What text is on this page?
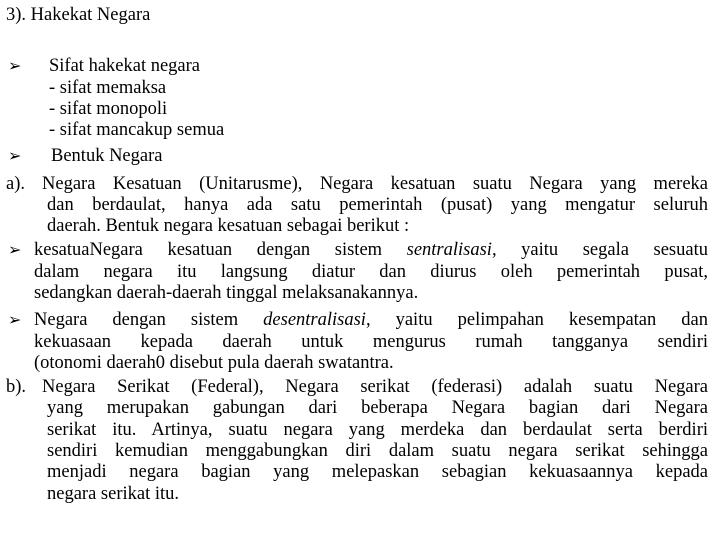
3). Hakekat Negara
➢ Sifat hakekat negara
- sifat memaksa
- sifat monopoli
- sifat mancakup semua
➢ Bentuk Negara
a). Negara Kesatuan (Unitarusme), Negara kesatuan suatu Negara yang mereka
dan berdaulat, hanya ada satu pemerintah (pusat) yang mengatur seluruh
daerah. Bentuk negara kesatuan sebagai berikut :
➢ kesatuaNegara kesatuan dengan sistem sentralisasi, yaitu segala sesuatu
dalam negara itu langsung diatur dan diurus oleh pemerintah pusat,
sedangkan daerah-daerah tinggal melaksanakannya.
➢ Negara dengan sistem desentralisasi, yaitu pelimpahan kesempatan dan
kekuasaan kepada daerah untuk mengurus rumah tangganya sendiri
(otonomi daerah0 disebut pula daerah swatantra.
b). Negara Serikat (Federal), Negara serikat (federasi) adalah suatu Negara
yang merupakan gabungan dari beberapa Negara bagian dari Negara
serikat itu. Artinya, suatu negara yang merdeka dan berdaulat serta berdiri
sendiri kemudian menggabungkan diri dalam suatu negara serikat sehingga
menjadi negara bagian yang melepaskan sebagian kekuasaannya kepada
negara serikat itu.
